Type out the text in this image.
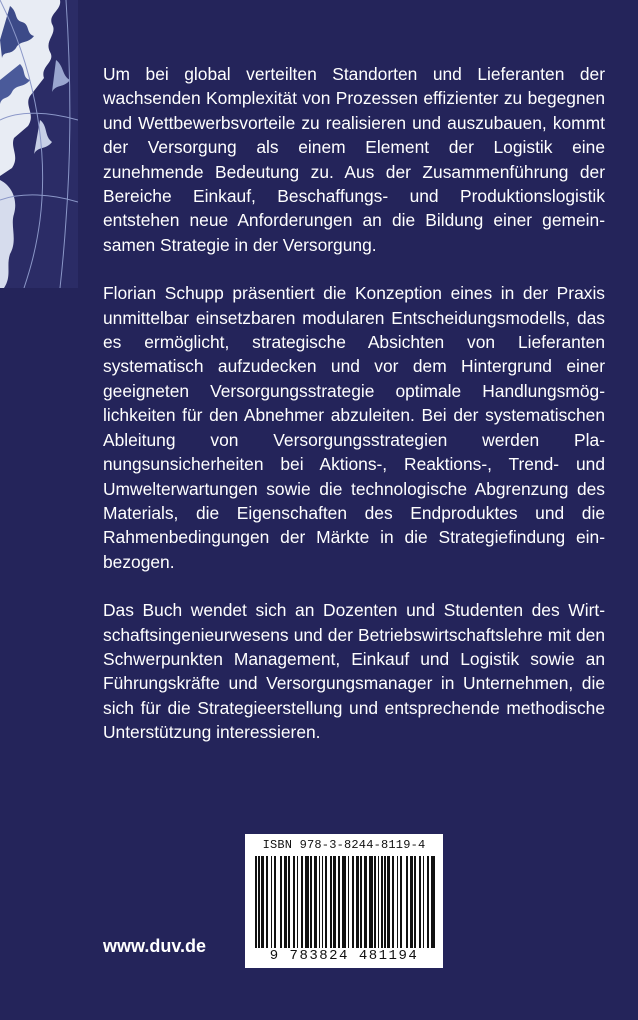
Um bei global verteilten Standorten und Lieferanten der wachsenden Komplexität von Prozessen effizienter zu begegnen und Wettbewerbsvorteile zu realisieren und auszubauen, kommt der Versorgung als einem Element der Logistik eine zunehmende Bedeutung zu. Aus der Zusammenführung der Bereiche Einkauf, Beschaffungs- und Produktionslogistik entstehen neue Anforderungen an die Bildung einer gemeinsamen Strategie in der Versorgung.

Florian Schupp präsentiert die Konzeption eines in der Praxis unmittelbar einsetzbaren modularen Entscheidungsmodells, das es ermöglicht, strategische Absichten von Lieferanten systematisch aufzudecken und vor dem Hintergrund einer geeigneten Versorgungsstrategie optimale Handlungsmöglichkeiten für den Abnehmer abzuleiten. Bei der systematischen Ableitung von Versorgungsstrategien werden Planungsunsicherheiten bei Aktions-, Reaktions-, Trend- und Umwelterwartungen sowie die technologische Abgrenzung des Materials, die Eigenschaften des Endproduktes und die Rahmenbedingungen der Märkte in die Strategiefindung einbezogen.

Das Buch wendet sich an Dozenten und Studenten des Wirtschaftsingenieurwesens und der Betriebswirtschaftslehre mit den Schwerpunkten Management, Einkauf und Logistik sowie an Führungskräfte und Versorgungsmanager in Unternehmen, die sich für die Strategieerstellung und entsprechende methodische Unterstützung interessieren.

www.duv.de
ISBN 978-3-8244-8119-4
9 783824 481194
